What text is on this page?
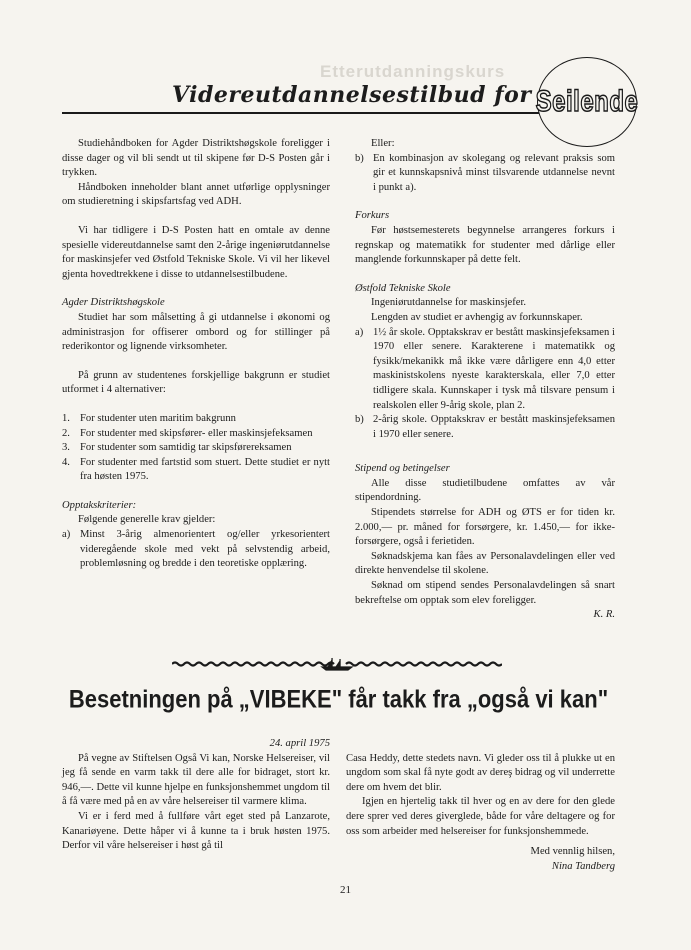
Etterutdanningskurs
Videreutdannelsestilbud for Seilende

Studiehåndboken for Agder Distriktshøgskole foreligger i disse dager og vil bli sendt ut til skipene før D-S Posten går i trykken.

Håndboken inneholder blant annet utførlige opplysninger om studieretning i skipsfartsfag ved ADH.

Vi har tidligere i D-S Posten hatt en omtale av denne spesielle videreutdannelse samt den 2-årige ingeniørutdannelse for maskinsjefer ved Østfold Tekniske Skole. Vi vil her likevel gjenta hovedtrekkene i disse to utdannelsestilbudene.

Agder Distriktshøgskole

Studiet har som målsetting å gi utdannelse i økonomi og administrasjon for offiserer ombord og for stillinger på rederikontor og lignende virksomheter.

På grunn av studentenes forskjellige bakgrunn er studiet utformet i 4 alternativer:

1. For studenter uten maritim bakgrunn
2. For studenter med skipsfører- eller maskinsjefeksamen
3. For studenter som samtidig tar skipsførereksamen
4. For studenter med fartstid som stuert. Dette studiet er nytt fra høsten 1975.

Opptakskriterier:

Følgende generelle krav gjelder:

a) Minst 3-årig almenorientert og/eller yrkesorientert videregående skole med vekt på selvstendig arbeid, problemløsning og bredde i den teoretiske opplæring.

Eller:

b) En kombinasjon av skolegang og relevant praksis som gir et kunnskapsnivå minst tilsvarende utdannelse nevnt i punkt a).

Forkurs

Før høstsemesterets begynnelse arrangeres forkurs i regnskap og matematikk for studenter med dårlige eller manglende forkunnskaper på dette felt.

Østfold Tekniske Skole

Ingeniørutdannelse for maskinsjefer.

Lengden av studiet er avhengig av forkunnskaper.

a) 1½ år skole. Opptakskrav er bestått maskinsjefeksamen i 1970 eller senere. Karakterene i matematikk og fysikk/mekanikk må ikke være dårligere enn 4,0 etter maskinistskolens nyeste karakterskala, eller 7,0 etter tidligere skala. Kunnskaper i tysk må tilsvare pensum i realskolen eller 9-årig skole, plan 2.
b) 2-årig skole. Opptakskrav er bestått maskinsjefeksamen i 1970 eller senere.

Stipend og betingelser

Alle disse studietilbudene omfattes av vår stipendordning.

Stipendets størrelse for ADH og ØTS er for tiden kr. 2.000,— pr. måned for forsørgere, kr. 1.450,— for ikke-forsørgere, også i ferietiden.

Søknadskjema kan fåes av Personalavdelingen eller ved direkte henvendelse til skolene.

Søknad om stipend sendes Personalavdelingen så snart bekreftelse om opptak som elev foreligger.

K. R.

Besetningen på „VIBEKE" får takk fra „også vi kan"

24. april 1975

På vegne av Stiftelsen Også Vi kan, Norske Helsereiser, vil jeg få sende en varm takk til dere alle for bidraget, stort kr. 946,—. Dette vil kunne hjelpe en funksjonshemmet ungdom til å få være med på en av våre helsereiser til varmere klima.

Vi er i ferd med å fullføre vårt eget sted på Lanzarote, Kanariøyene. Dette håper vi å kunne ta i bruk høsten 1975. Derfor vil våre helsereiser i høst gå til

Casa Heddy, dette stedets navn. Vi gleder oss til å plukke ut en ungdom som skal få nyte godt av dereş bidrag og vil underrette dere om hvem det blir.

Igjen en hjertelig takk til hver og en av dere for den glede dere sprer ved deres giverglede, både for våre deltagere og for oss som arbeider med helsereiser for funksjonshemmede.

Med vennlig hilsen,

Nina Tandberg

21
